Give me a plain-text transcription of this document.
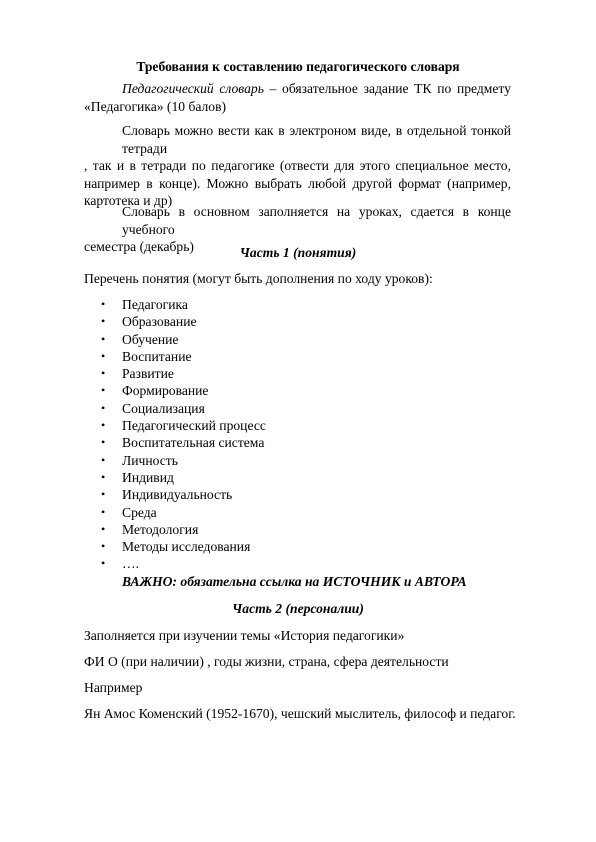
Требования к составлению педагогического словаря
Педагогический словарь – обязательное задание ТК по предмету
«Педагогика» (10 балов)
Словарь можно вести как в электроном виде, в отдельной тонкой тетради
, так и в тетради по педагогике (отвести для этого специальное место,
например в конце). Можно выбрать любой другой формат (например,
картотека и др)
Словарь в основном заполняется на уроках, сдается в конце учебного
семестра (декабрь)	Часть 1 (понятия)
Перечень понятия (могут быть дополнения по ходу уроков):
• Педагогика
• Образование
• Обучение
• Воспитание
• Развитие
• Формирование
• Социализация
• Педагогический процесс
• Воспитательная система
• Личность
• Индивид
• Индивидуальность
• Среда
• Методология
• Методы исследования
• ….
ВАЖНО: обязательна ссылка на ИСТОЧНИК и АВТОРА
Часть 2 (персоналии)
Заполняется при изучении темы «История педагогики»
ФИ О (при наличии) , годы жизни, страна, сфера деятельности
Например
Ян Амос Коменский (1952-1670), чешский мыслитель, философ и педагог.
